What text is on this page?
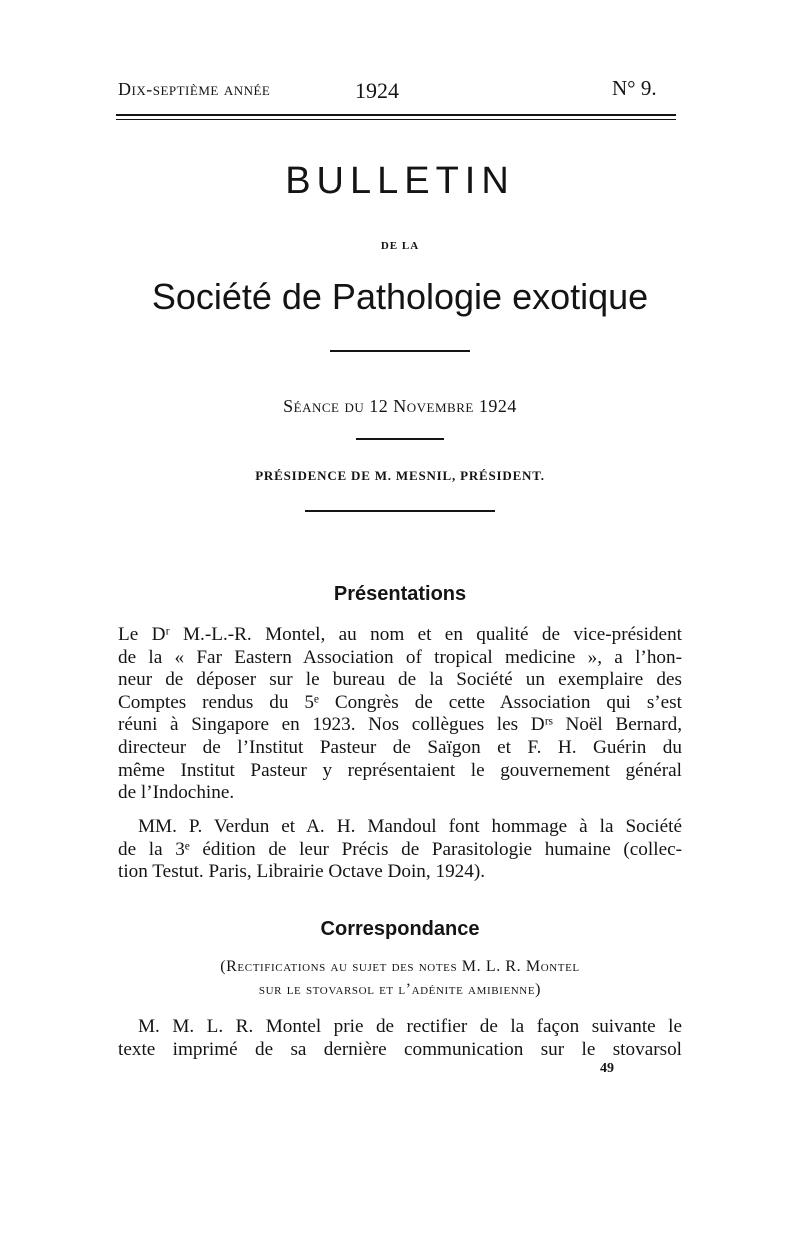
Dix-septième année	1924	N° 9.
BULLETIN
DE LA
Société de Pathologie exotique
Séance du 12 Novembre 1924
PRÉSIDENCE DE M. MESNIL, PRÉSIDENT.
Présentations
Le Dʳ M.-L.-R. Montel, au nom et en qualité de vice-président
de la « Far Eastern Association of tropical medicine », a l’hon-
neur de déposer sur le bureau de la Société un exemplaire des
Comptes rendus du 5ᵉ Congrès de cette Association qui s’est
réuni à Singapore en 1923. Nos collègues les Dʳˢ Noël Bernard,
directeur de l’Institut Pasteur de Saïgon et F. H. Guérin du
même Institut Pasteur y représentaient le gouvernement général
de l’Indochine.
MM. P. Verdun et A. H. Mandoul font hommage à la Société
de la 3ᵉ édition de leur Précis de Parasitologie humaine (collec-
tion Testut. Paris, Librairie Octave Doin, 1924).
Correspondance
(Rectifications au sujet des notes M. L. R. Montel
sur le stovarsol et l’adénite amibienne)
M. M. L. R. Montel prie de rectifier de la façon suivante le
texte imprimé de sa dernière communication sur le stovarsol
49
